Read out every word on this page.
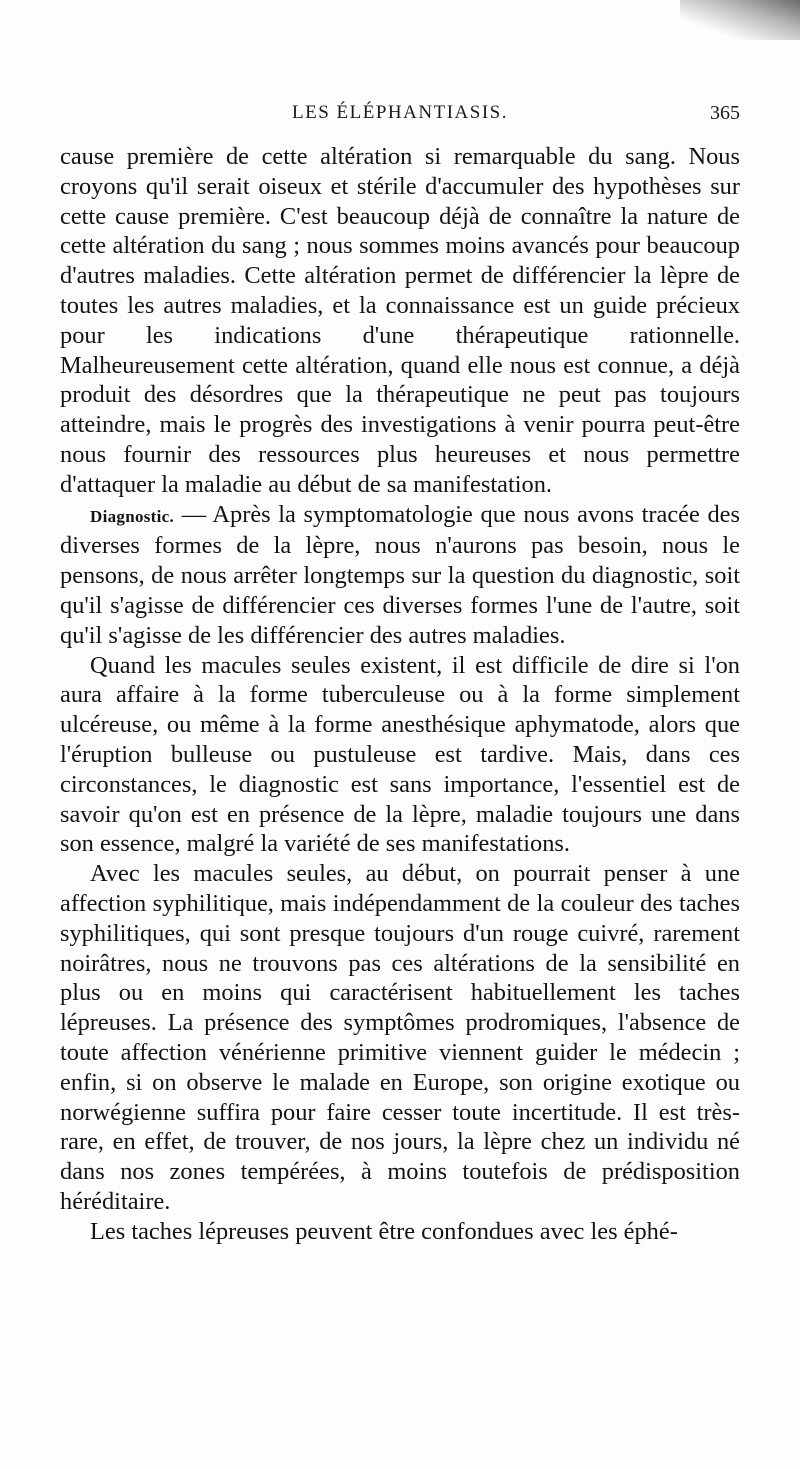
LES ÉLÉPHANTIASIS.	365

cause première de cette altération si remarquable du sang. Nous croyons qu'il serait oiseux et stérile d'accumuler des hypothèses sur cette cause première. C'est beaucoup déjà de connaître la nature de cette altération du sang ; nous sommes moins avancés pour beaucoup d'autres maladies. Cette altération permet de différencier la lèpre de toutes les autres maladies, et la connaissance est un guide précieux pour les indications d'une thérapeutique rationnelle. Malheureusement cette altération, quand elle nous est connue, a déjà produit des désordres que la thérapeutique ne peut pas toujours atteindre, mais le progrès des investigations à venir pourra peut-être nous fournir des ressources plus heureuses et nous permettre d'attaquer la maladie au début de sa manifestation.

Diagnostic. — Après la symptomatologie que nous avons tracée des diverses formes de la lèpre, nous n'aurons pas besoin, nous le pensons, de nous arrêter longtemps sur la question du diagnostic, soit qu'il s'agisse de différencier ces diverses formes l'une de l'autre, soit qu'il s'agisse de les différencier des autres maladies.

Quand les macules seules existent, il est difficile de dire si l'on aura affaire à la forme tuberculeuse ou à la forme simplement ulcéreuse, ou même à la forme anesthésique aphymatode, alors que l'éruption bulleuse ou pustuleuse est tardive. Mais, dans ces circonstances, le diagnostic est sans importance, l'essentiel est de savoir qu'on est en présence de la lèpre, maladie toujours une dans son essence, malgré la variété de ses manifestations.

Avec les macules seules, au début, on pourrait penser à une affection syphilitique, mais indépendamment de la couleur des taches syphilitiques, qui sont presque toujours d'un rouge cuivré, rarement noirâtres, nous ne trouvons pas ces altérations de la sensibilité en plus ou en moins qui caractérisent habituellement les taches lépreuses. La présence des symptômes prodromiques, l'absence de toute affection vénérienne primitive viennent guider le médecin ; enfin, si on observe le malade en Europe, son origine exotique ou norwégienne suffira pour faire cesser toute incertitude. Il est très-rare, en effet, de trouver, de nos jours, la lèpre chez un individu né dans nos zones tempérées, à moins toutefois de prédisposition héréditaire.

Les taches lépreuses peuvent être confondues avec les éphé-
